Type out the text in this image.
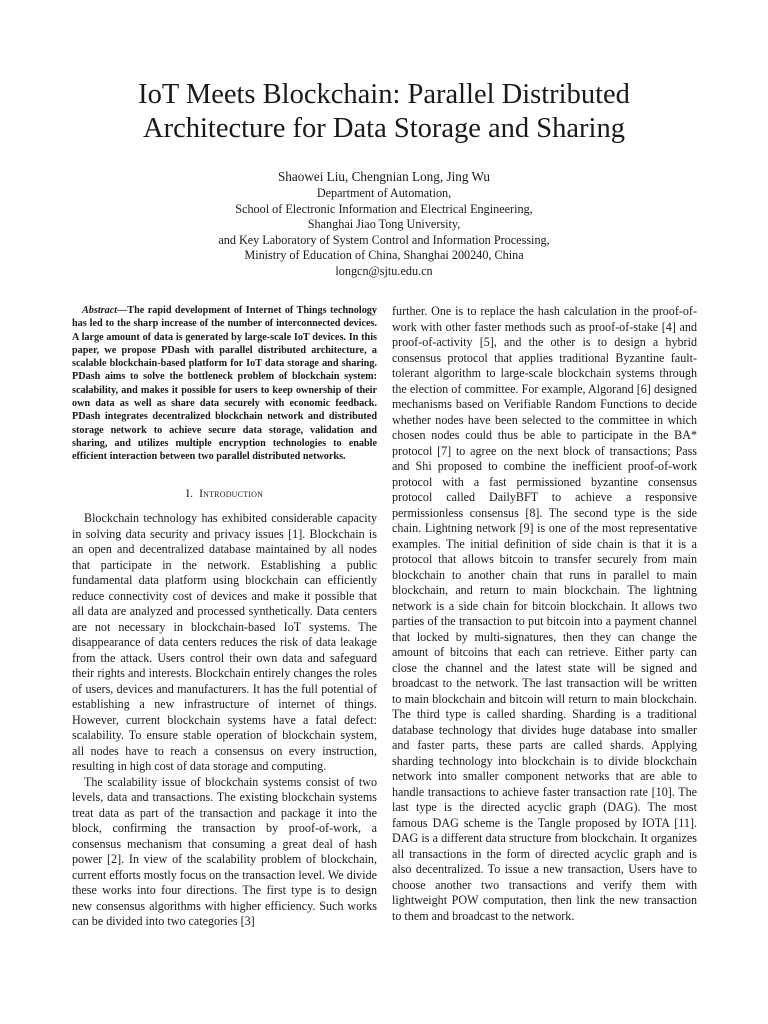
IoT Meets Blockchain: Parallel Distributed
Architecture for Data Storage and Sharing
Shaowei Liu, Chengnian Long, Jing Wu
Department of Automation,
School of Electronic Information and Electrical Engineering,
Shanghai Jiao Tong University,
and Key Laboratory of System Control and Information Processing,
Ministry of Education of China, Shanghai 200240, China
longcn@sjtu.edu.cn

Abstract—The rapid development of Internet of Things technology has led to the sharp increase of the number of interconnected devices. A large amount of data is generated by large-scale IoT devices. In this paper, we propose PDash with parallel distributed architecture, a scalable blockchain-based platform for IoT data storage and sharing. PDash aims to solve the bottleneck problem of blockchain system: scalability, and makes it possible for users to keep ownership of their own data as well as share data securely with economic feedback. PDash integrates decentralized blockchain network and distributed storage network to achieve secure data storage, validation and sharing, and utilizes multiple encryption technologies to enable efficient interaction between two parallel distributed networks.

I. Introduction

Blockchain technology has exhibited considerable capacity in solving data security and privacy issues [1]. Blockchain is an open and decentralized database maintained by all nodes that participate in the network. Establishing a public fundamental data platform using blockchain can efficiently reduce connectivity cost of devices and make it possible that all data are analyzed and processed synthetically. Data centers are not necessary in blockchain-based IoT systems. The disappearance of data centers reduces the risk of data leakage from the attack. Users control their own data and safeguard their rights and interests. Blockchain entirely changes the roles of users, devices and manufacturers. It has the full potential of establishing a new infrastructure of internet of things. However, current blockchain systems have a fatal defect: scalability. To ensure stable operation of blockchain system, all nodes have to reach a consensus on every instruction, resulting in high cost of data storage and computing.

The scalability issue of blockchain systems consist of two levels, data and transactions. The existing blockchain systems treat data as part of the transaction and package it into the block, confirming the transaction by proof-of-work, a consensus mechanism that consuming a great deal of hash power [2]. In view of the scalability problem of blockchain, current efforts mostly focus on the transaction level. We divide these works into four directions. The first type is to design new consensus algorithms with higher efficiency. Such works can be divided into two categories [3]

further. One is to replace the hash calculation in the proof-of-work with other faster methods such as proof-of-stake [4] and proof-of-activity [5], and the other is to design a hybrid consensus protocol that applies traditional Byzantine fault-tolerant algorithm to large-scale blockchain systems through the election of committee. For example, Algorand [6] designed mechanisms based on Verifiable Random Functions to decide whether nodes have been selected to the committee in which chosen nodes could thus be able to participate in the BA* protocol [7] to agree on the next block of transactions; Pass and Shi proposed to combine the inefficient proof-of-work protocol with a fast permissioned byzantine consensus protocol called DailyBFT to achieve a responsive permissionless consensus [8]. The second type is the side chain. Lightning network [9] is one of the most representative examples. The initial definition of side chain is that it is a protocol that allows bitcoin to transfer securely from main blockchain to another chain that runs in parallel to main blockchain, and return to main blockchain. The lightning network is a side chain for bitcoin blockchain. It allows two parties of the transaction to put bitcoin into a payment channel that locked by multi-signatures, then they can change the amount of bitcoins that each can retrieve. Either party can close the channel and the latest state will be signed and broadcast to the network. The last transaction will be written to main blockchain and bitcoin will return to main blockchain. The third type is called sharding. Sharding is a traditional database technology that divides huge database into smaller and faster parts, these parts are called shards. Applying sharding technology into blockchain is to divide blockchain network into smaller component networks that are able to handle transactions to achieve faster transaction rate [10]. The last type is the directed acyclic graph (DAG). The most famous DAG scheme is the Tangle proposed by IOTA [11]. DAG is a different data structure from blockchain. It organizes all transactions in the form of directed acyclic graph and is also decentralized. To issue a new transaction, Users have to choose another two transactions and verify them with lightweight POW computation, then link the new transaction to them and broadcast to the network.
